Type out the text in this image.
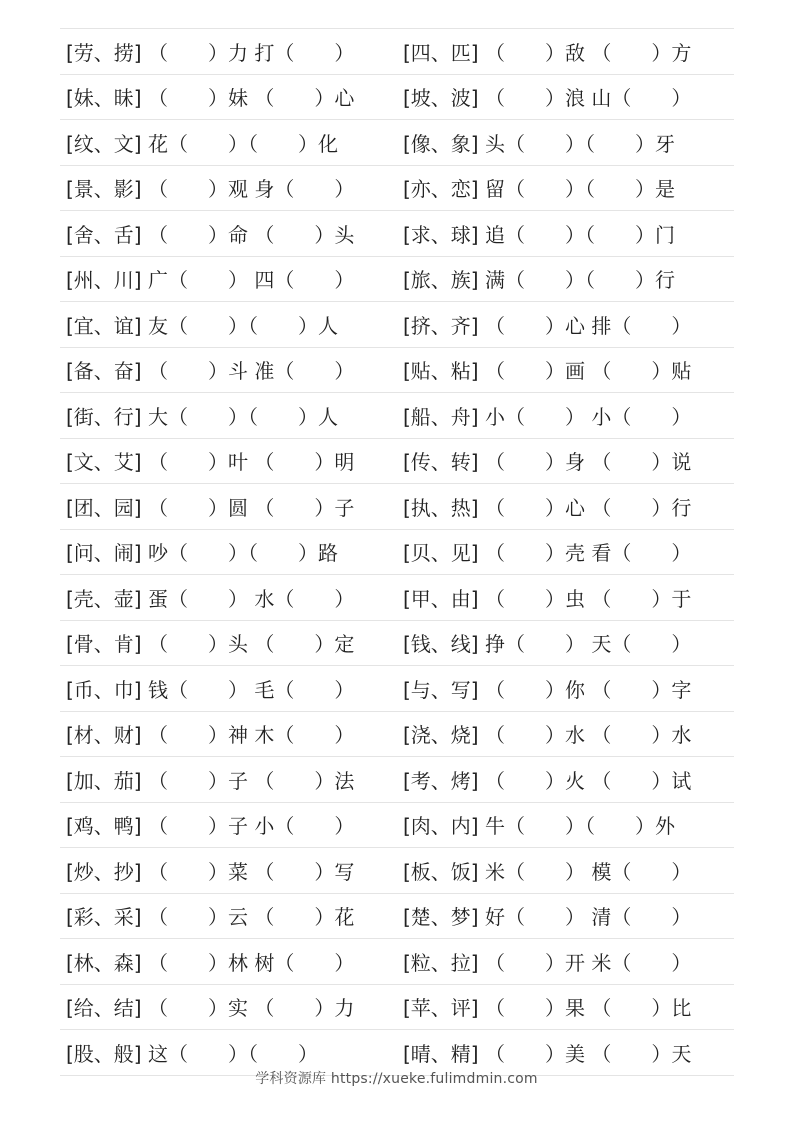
[劳、捞] （　　）力 打（　　）	[四、匹] （　　）敌 （　　）方
[妹、昧] （　　）妹 （　　）心	[坡、波] （　　）浪 山（　　）
[纹、文] 花（　　）（　　）化	[像、象] 头（　　）（　　）牙
[景、影] （　　）观 身（　　）	[亦、恋] 留（　　）（　　）是
[舍、舌] （　　）命 （　　）头	[求、球] 追（　　）（　　）门
[州、川] 广（　　） 四（　　）	[旅、族] 满（　　）（　　）行
[宜、谊] 友（　　）（　　）人	[挤、齐] （　　）心 排（　　）
[备、奋] （　　）斗 准（　　）	[贴、粘] （　　）画 （　　）贴
[街、行] 大（　　）（　　）人	[船、舟] 小（　　） 小（　　）
[文、艾] （　　）叶 （　　）明	[传、转] （　　）身 （　　）说
[团、园] （　　）圆 （　　）子	[执、热] （　　）心 （　　）行
[问、闹] 吵（　　）（　　）路	[贝、见] （　　）壳 看（　　）
[壳、壶] 蛋（　　） 水（　　）	[甲、由] （　　）虫 （　　）于
[骨、肯] （　　）头 （　　）定	[钱、线] 挣（　　） 天（　　）
[币、巾] 钱（　　） 毛（　　）	[与、写] （　　）你 （　　）字
[材、财] （　　）神 木（　　）	[浇、烧] （　　）水 （　　）水
[加、茄] （　　）子 （　　）法	[考、烤] （　　）火 （　　）试
[鸡、鸭] （　　）子 小（　　）	[肉、内] 牛（　　）（　　）外
[炒、抄] （　　）菜 （　　）写	[板、饭] 米（　　） 模（　　）
[彩、采] （　　）云 （　　）花	[楚、梦] 好（　　） 清（　　）
[林、森] （　　）林 树（　　）	[粒、拉] （　　）开 米（　　）
[给、结] （　　）实 （　　）力	[苹、评] （　　）果 （　　）比
[股、般] 这（　　）（　　）	[晴、精] （　　）美 （　　）天
学科资源库 https://xueke.fulimdmin.com
